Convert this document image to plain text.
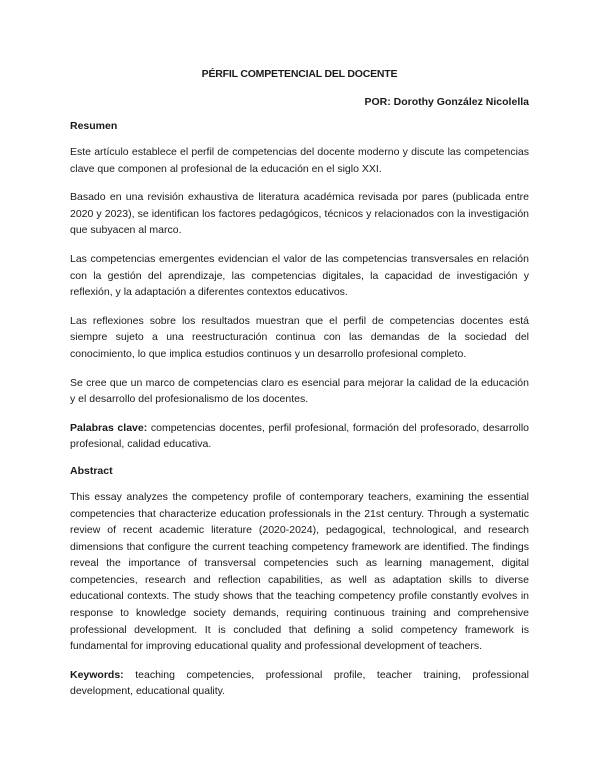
PÉRFIL COMPETENCIAL DEL DOCENTE
POR: Dorothy González Nicolella
Resumen

Este artículo establece el perfil de competencias del docente moderno y discute las competencias clave que componen al profesional de la educación en el siglo XXI.

Basado en una revisión exhaustiva de literatura académica revisada por pares (publicada entre 2020 y 2023), se identifican los factores pedagógicos, técnicos y relacionados con la investigación que subyacen al marco.

Las competencias emergentes evidencian el valor de las competencias transversales en relación con la gestión del aprendizaje, las competencias digitales, la capacidad de investigación y reflexión, y la adaptación a diferentes contextos educativos.

Las reflexiones sobre los resultados muestran que el perfil de competencias docentes está siempre sujeto a una reestructuración continua con las demandas de la sociedad del conocimiento, lo que implica estudios continuos y un desarrollo profesional completo.

Se cree que un marco de competencias claro es esencial para mejorar la calidad de la educación y el desarrollo del profesionalismo de los docentes.

Palabras clave: competencias docentes, perfil profesional, formación del profesorado, desarrollo profesional, calidad educativa.

Abstract

This essay analyzes the competency profile of contemporary teachers, examining the essential competencies that characterize education professionals in the 21st century. Through a systematic review of recent academic literature (2020-2024), pedagogical, technological, and research dimensions that configure the current teaching competency framework are identified. The findings reveal the importance of transversal competencies such as learning management, digital competencies, research and reflection capabilities, as well as adaptation skills to diverse educational contexts. The study shows that the teaching competency profile constantly evolves in response to knowledge society demands, requiring continuous training and comprehensive professional development. It is concluded that defining a solid competency framework is fundamental for improving educational quality and professional development of teachers.

Keywords: teaching competencies, professional profile, teacher training, professional development, educational quality.
